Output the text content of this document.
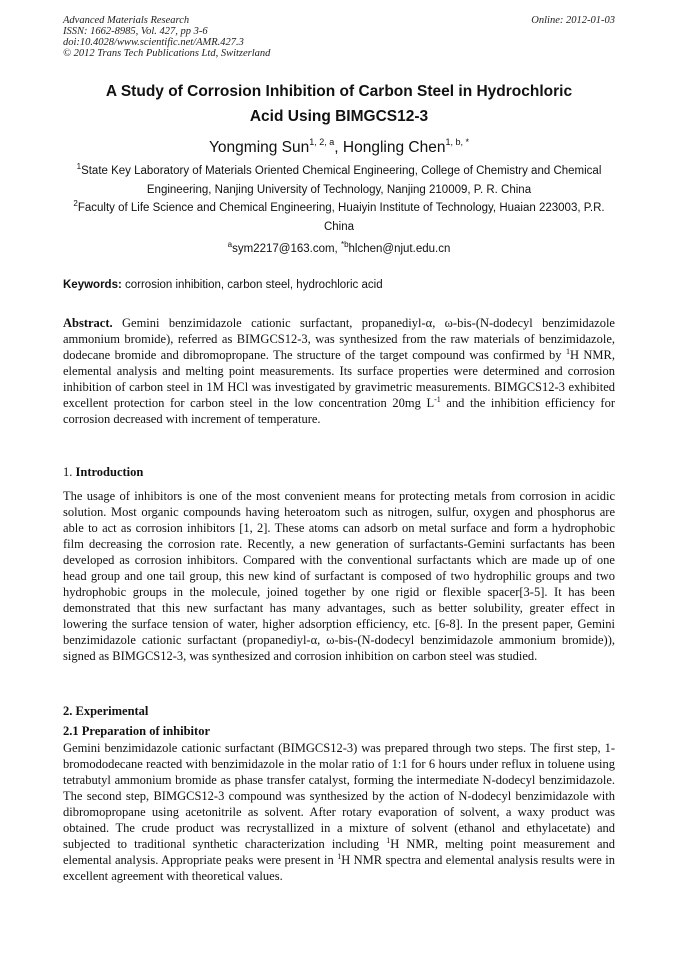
Advanced Materials Research
ISSN: 1662-8985, Vol. 427, pp 3-6
doi:10.4028/www.scientific.net/AMR.427.3
© 2012 Trans Tech Publications Ltd, Switzerland
Online: 2012-01-03
A Study of Corrosion Inhibition of Carbon Steel in Hydrochloric
Acid Using BIMGCS12-3
Yongming Sun$^{1, 2, a}$, Hongling Chen$^{1, b, *}$
$^1$State Key Laboratory of Materials Oriented Chemical Engineering, College of Chemistry and Chemical Engineering, Nanjing University of Technology, Nanjing 210009, P. R. China
$^2$Faculty of Life Science and Chemical Engineering, Huaiyin Institute of Technology, Huaian 223003, P.R. China
$^a$sym2217@163.com, $^{*b}$hlchen@njut.edu.cn
Keywords: corrosion inhibition, carbon steel, hydrochloric acid
Abstract. Gemini benzimidazole cationic surfactant, propanediyl-α, ω-bis-(N-dodecyl benzimidazole ammonium bromide), referred as BIMGCS12-3, was synthesized from the raw materials of benzimidazole, dodecane bromide and dibromopropane. The structure of the target compound was confirmed by $^1$H NMR, elemental analysis and melting point measurements. Its surface properties were determined and corrosion inhibition of carbon steel in 1M HCl was investigated by gravimetric measurements. BIMGCS12-3 exhibited excellent protection for carbon steel in the low concentration 20mg $L^{-1}$ and the inhibition efficiency for corrosion decreased with increment of temperature.
1. Introduction
The usage of inhibitors is one of the most convenient means for protecting metals from corrosion in acidic solution. Most organic compounds having heteroatom such as nitrogen, sulfur, oxygen and phosphorus are able to act as corrosion inhibitors [1, 2]. These atoms can adsorb on metal surface and form a hydrophobic film decreasing the corrosion rate. Recently, a new generation of surfactants-Gemini surfactants has been developed as corrosion inhibitors. Compared with the conventional surfactants which are made up of one head group and one tail group, this new kind of surfactant is composed of two hydrophilic groups and two hydrophobic groups in the molecule, joined together by one rigid or flexible spacer[3-5]. It has been demonstrated that this new surfactant has many advantages, such as better solubility, greater effect in lowering the surface tension of water, higher adsorption efficiency, etc. [6-8]. In the present paper, Gemini benzimidazole cationic surfactant (propanediyl-α, ω-bis-(N-dodecyl benzimidazole ammonium bromide)), signed as BIMGCS12-3, was synthesized and corrosion inhibition on carbon steel was studied.
2. Experimental
2.1 Preparation of inhibitor
Gemini benzimidazole cationic surfactant (BIMGCS12-3) was prepared through two steps. The first step, 1-bromododecane reacted with benzimidazole in the molar ratio of 1:1 for 6 hours under reflux in toluene using tetrabutyl ammonium bromide as phase transfer catalyst, forming the intermediate N-dodecyl benzimidazole. The second step, BIMGCS12-3 compound was synthesized by the action of N-dodecyl benzimidazole with dibromopropane using acetonitrile as solvent. After rotary evaporation of solvent, a waxy product was obtained. The crude product was recrystallized in a mixture of solvent (ethanol and ethylacetate) and subjected to traditional synthetic characterization including $^1$H NMR, melting point measurement and elemental analysis. Appropriate peaks were present in $^1$H NMR spectra and elemental analysis results were in excellent agreement with theoretical values.
